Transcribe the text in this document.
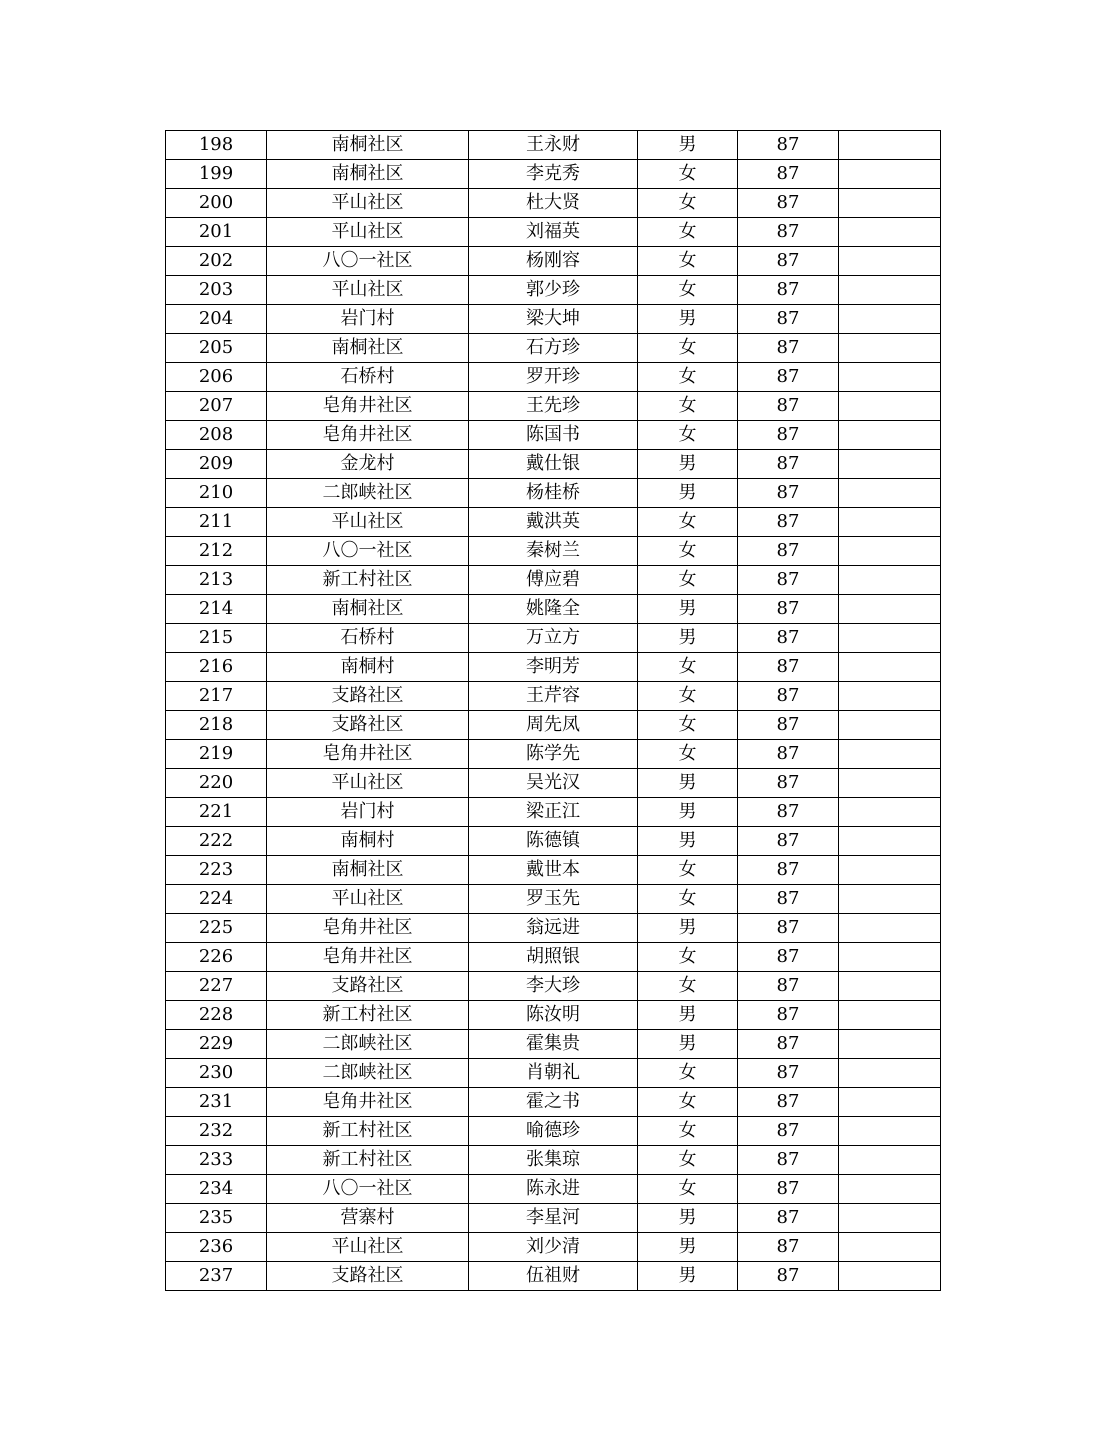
198	南桐社区	王永财	男	87	
199	南桐社区	李克秀	女	87	
200	平山社区	杜大贤	女	87	
201	平山社区	刘福英	女	87	
202	八〇一社区	杨刚容	女	87	
203	平山社区	郭少珍	女	87	
204	岩门村	梁大坤	男	87	
205	南桐社区	石方珍	女	87	
206	石桥村	罗开珍	女	87	
207	皂角井社区	王先珍	女	87	
208	皂角井社区	陈国书	女	87	
209	金龙村	戴仕银	男	87	
210	二郎峡社区	杨桂桥	男	87	
211	平山社区	戴洪英	女	87	
212	八〇一社区	秦树兰	女	87	
213	新工村社区	傅应碧	女	87	
214	南桐社区	姚隆全	男	87	
215	石桥村	万立方	男	87	
216	南桐村	李明芳	女	87	
217	支路社区	王芹容	女	87	
218	支路社区	周先凤	女	87	
219	皂角井社区	陈学先	女	87	
220	平山社区	吴光汉	男	87	
221	岩门村	梁正江	男	87	
222	南桐村	陈德镇	男	87	
223	南桐社区	戴世本	女	87	
224	平山社区	罗玉先	女	87	
225	皂角井社区	翁远进	男	87	
226	皂角井社区	胡照银	女	87	
227	支路社区	李大珍	女	87	
228	新工村社区	陈汝明	男	87	
229	二郎峡社区	霍集贵	男	87	
230	二郎峡社区	肖朝礼	女	87	
231	皂角井社区	霍之书	女	87	
232	新工村社区	喻德珍	女	87	
233	新工村社区	张集琼	女	87	
234	八〇一社区	陈永进	女	87	
235	营寨村	李星河	男	87	
236	平山社区	刘少清	男	87	
237	支路社区	伍祖财	男	87	
